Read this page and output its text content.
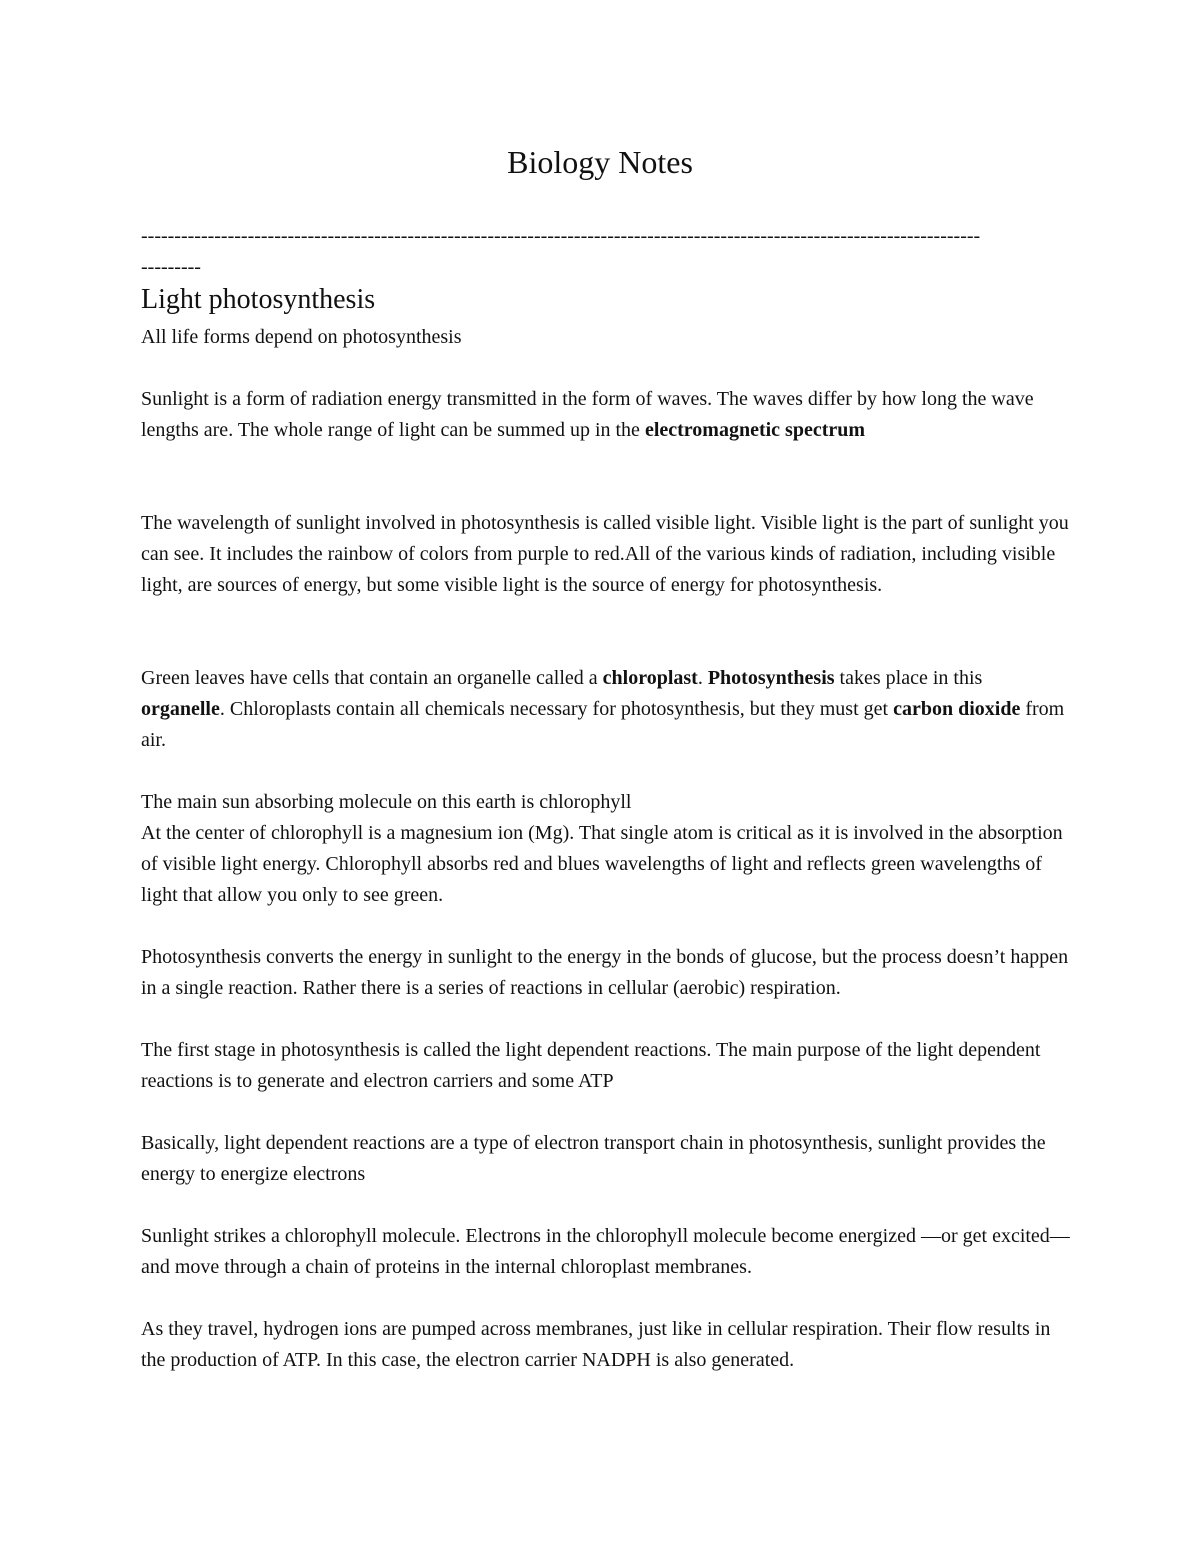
Biology Notes

------------------------------------------------------------------------------------------------------------------------------

---------

Light photosynthesis

All life forms depend on photosynthesis

Sunlight is a form of radiation energy transmitted in the form of waves. The waves differ by how long the wave lengths are. The whole range of light can be summed up in the electromagnetic spectrum

The wavelength of sunlight involved in photosynthesis is called visible light. Visible light is the part of sunlight you can see. It includes the rainbow of colors from purple to red.All of the various kinds of radiation, including visible light, are sources of energy, but some visible light is the source of energy for photosynthesis.

Green leaves have cells that contain an organelle called a chloroplast. Photosynthesis takes place in this organelle. Chloroplasts contain all chemicals necessary for photosynthesis, but they must get carbon dioxide from air.

The main sun absorbing molecule on this earth is chlorophyll

At the center of chlorophyll is a magnesium ion (Mg). That single atom is critical as it is involved in the absorption of visible light energy. Chlorophyll absorbs red and blues wavelengths of light and reflects green wavelengths of light that allow you only to see green.

Photosynthesis converts the energy in sunlight to the energy in the bonds of glucose, but the process doesn’t happen in a single reaction. Rather there is a series of reactions in cellular (aerobic) respiration.

The first stage in photosynthesis is called the light dependent reactions. The main purpose of the light dependent reactions is to generate and electron carriers and some ATP

Basically, light dependent reactions are a type of electron transport chain in photosynthesis, sunlight provides the energy to energize electrons

Sunlight strikes a chlorophyll molecule. Electrons in the chlorophyll molecule become energized —or get excited—and move through a chain of proteins in the internal chloroplast membranes.

As they travel, hydrogen ions are pumped across membranes, just like in cellular respiration. Their flow results in the production of ATP. In this case, the electron carrier NADPH is also generated.
